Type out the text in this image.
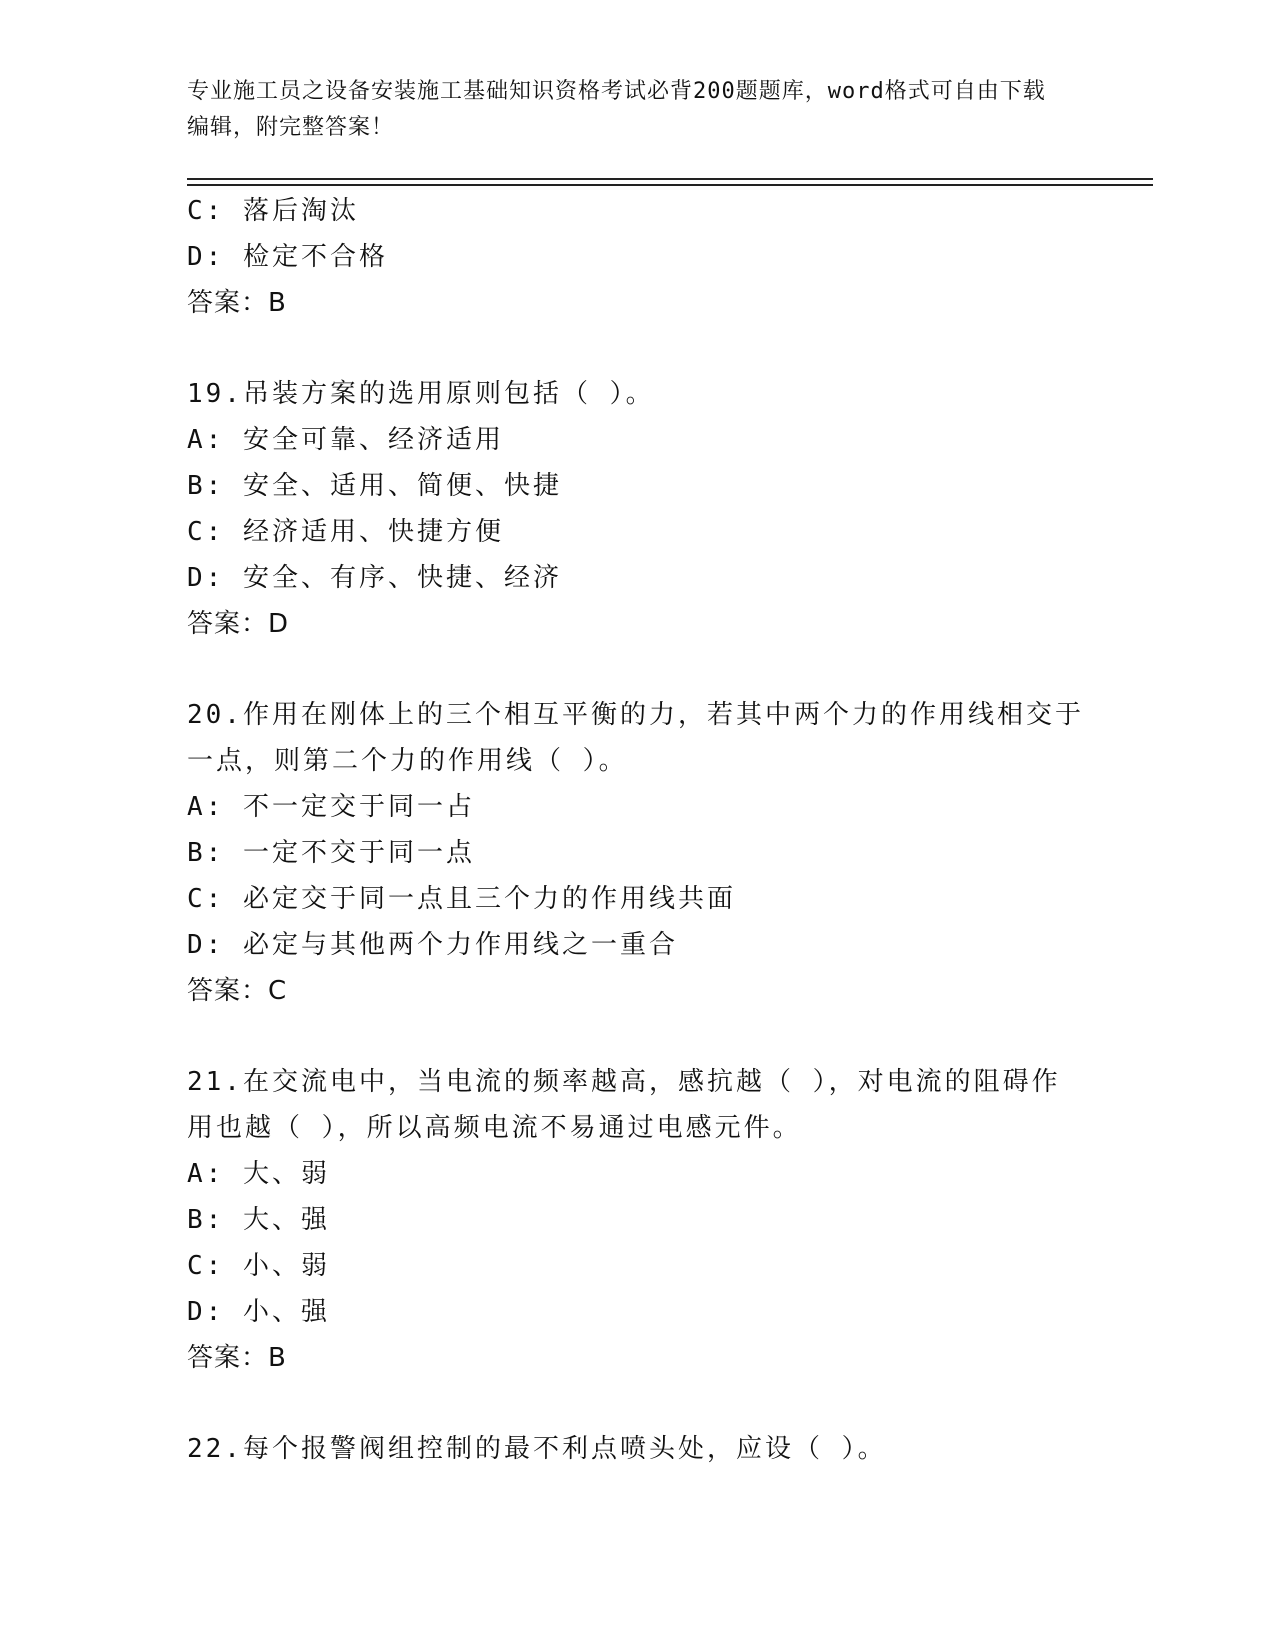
专业施工员之设备安装施工基础知识资格考试必背200题题库，word格式可自由下载编辑，附完整答案！
C: 落后淘汰
D: 检定不合格
答案：B
19.吊装方案的选用原则包括（ ）。
A: 安全可靠、经济适用
B: 安全、适用、简便、快捷
C: 经济适用、快捷方便
D: 安全、有序、快捷、经济
答案：D
20.作用在刚体上的三个相互平衡的力，若其中两个力的作用线相交于
一点，则第二个力的作用线（ ）。
A: 不一定交于同一占
B: 一定不交于同一点
C: 必定交于同一点且三个力的作用线共面
D: 必定与其他两个力作用线之一重合
答案：C
21.在交流电中，当电流的频率越高，感抗越（ ），对电流的阻碍作
用也越（ ），所以高频电流不易通过电感元件。
A: 大、弱
B: 大、强
C: 小、弱
D: 小、强
答案：B
22.每个报警阀组控制的最不利点喷头处，应设（ ）。
